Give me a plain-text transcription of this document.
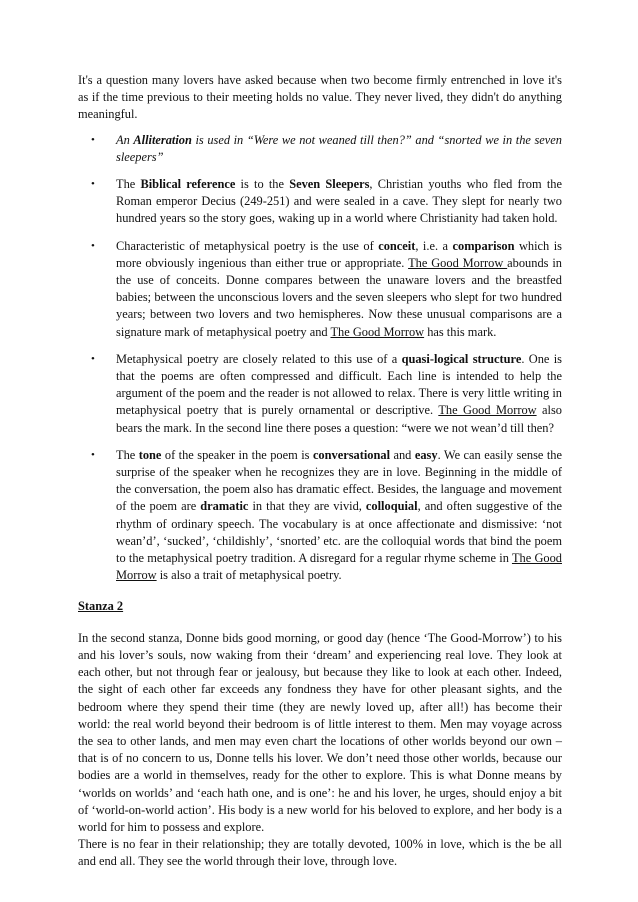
It's a question many lovers have asked because when two become firmly entrenched in love it's as if the time previous to their meeting holds no value. They never lived, they didn't do anything meaningful.

• An Alliteration is used in “Were we not weaned till then?” and “snorted we in the seven sleepers”
• The Biblical reference is to the Seven Sleepers, Christian youths who fled from the Roman emperor Decius (249-251) and were sealed in a cave. They slept for nearly two hundred years so the story goes, waking up in a world where Christianity had taken hold.
• Characteristic of metaphysical poetry is the use of conceit, i.e. a comparison which is more obviously ingenious than either true or appropriate. The Good Morrow abounds in the use of conceits. Donne compares between the unaware lovers and the breastfed babies; between the unconscious lovers and the seven sleepers who slept for two hundred years; between two lovers and two hemispheres. Now these unusual comparisons are a signature mark of metaphysical poetry and The Good Morrow has this mark.
• Metaphysical poetry are closely related to this use of a quasi-logical structure. One is that the poems are often compressed and difficult. Each line is intended to help the argument of the poem and the reader is not allowed to relax. There is very little writing in metaphysical poetry that is purely ornamental or descriptive. The Good Morrow also bears the mark. In the second line there poses a question: “were we not wean’d till then?
• The tone of the speaker in the poem is conversational and easy. We can easily sense the surprise of the speaker when he recognizes they are in love. Beginning in the middle of the conversation, the poem also has dramatic effect. Besides, the language and movement of the poem are dramatic in that they are vivid, colloquial, and often suggestive of the rhythm of ordinary speech. The vocabulary is at once affectionate and dismissive: ‘not wean’d’, ‘sucked’, ‘childishly’, ‘snorted’ etc. are the colloquial words that bind the poem to the metaphysical poetry tradition. A disregard for a regular rhyme scheme in The Good Morrow is also a trait of metaphysical poetry.

Stanza 2

In the second stanza, Donne bids good morning, or good day (hence ‘The Good-Morrow’) to his and his lover’s souls, now waking from their ‘dream’ and experiencing real love. They look at each other, but not through fear or jealousy, but because they like to look at each other. Indeed, the sight of each other far exceeds any fondness they have for other pleasant sights, and the bedroom where they spend their time (they are newly loved up, after all!) has become their world: the real world beyond their bedroom is of little interest to them. Men may voyage across the sea to other lands, and men may even chart the locations of other worlds beyond our own – that is of no concern to us, Donne tells his lover. We don’t need those other worlds, because our bodies are a world in themselves, ready for the other to explore. This is what Donne means by ‘worlds on worlds’ and ‘each hath one, and is one’: he and his lover, he urges, should enjoy a bit of ‘world-on-world action’. His body is a new world for his beloved to explore, and her body is a world for him to possess and explore.

There is no fear in their relationship; they are totally devoted, 100% in love, which is the be all and end all. They see the world through their love, through love.
